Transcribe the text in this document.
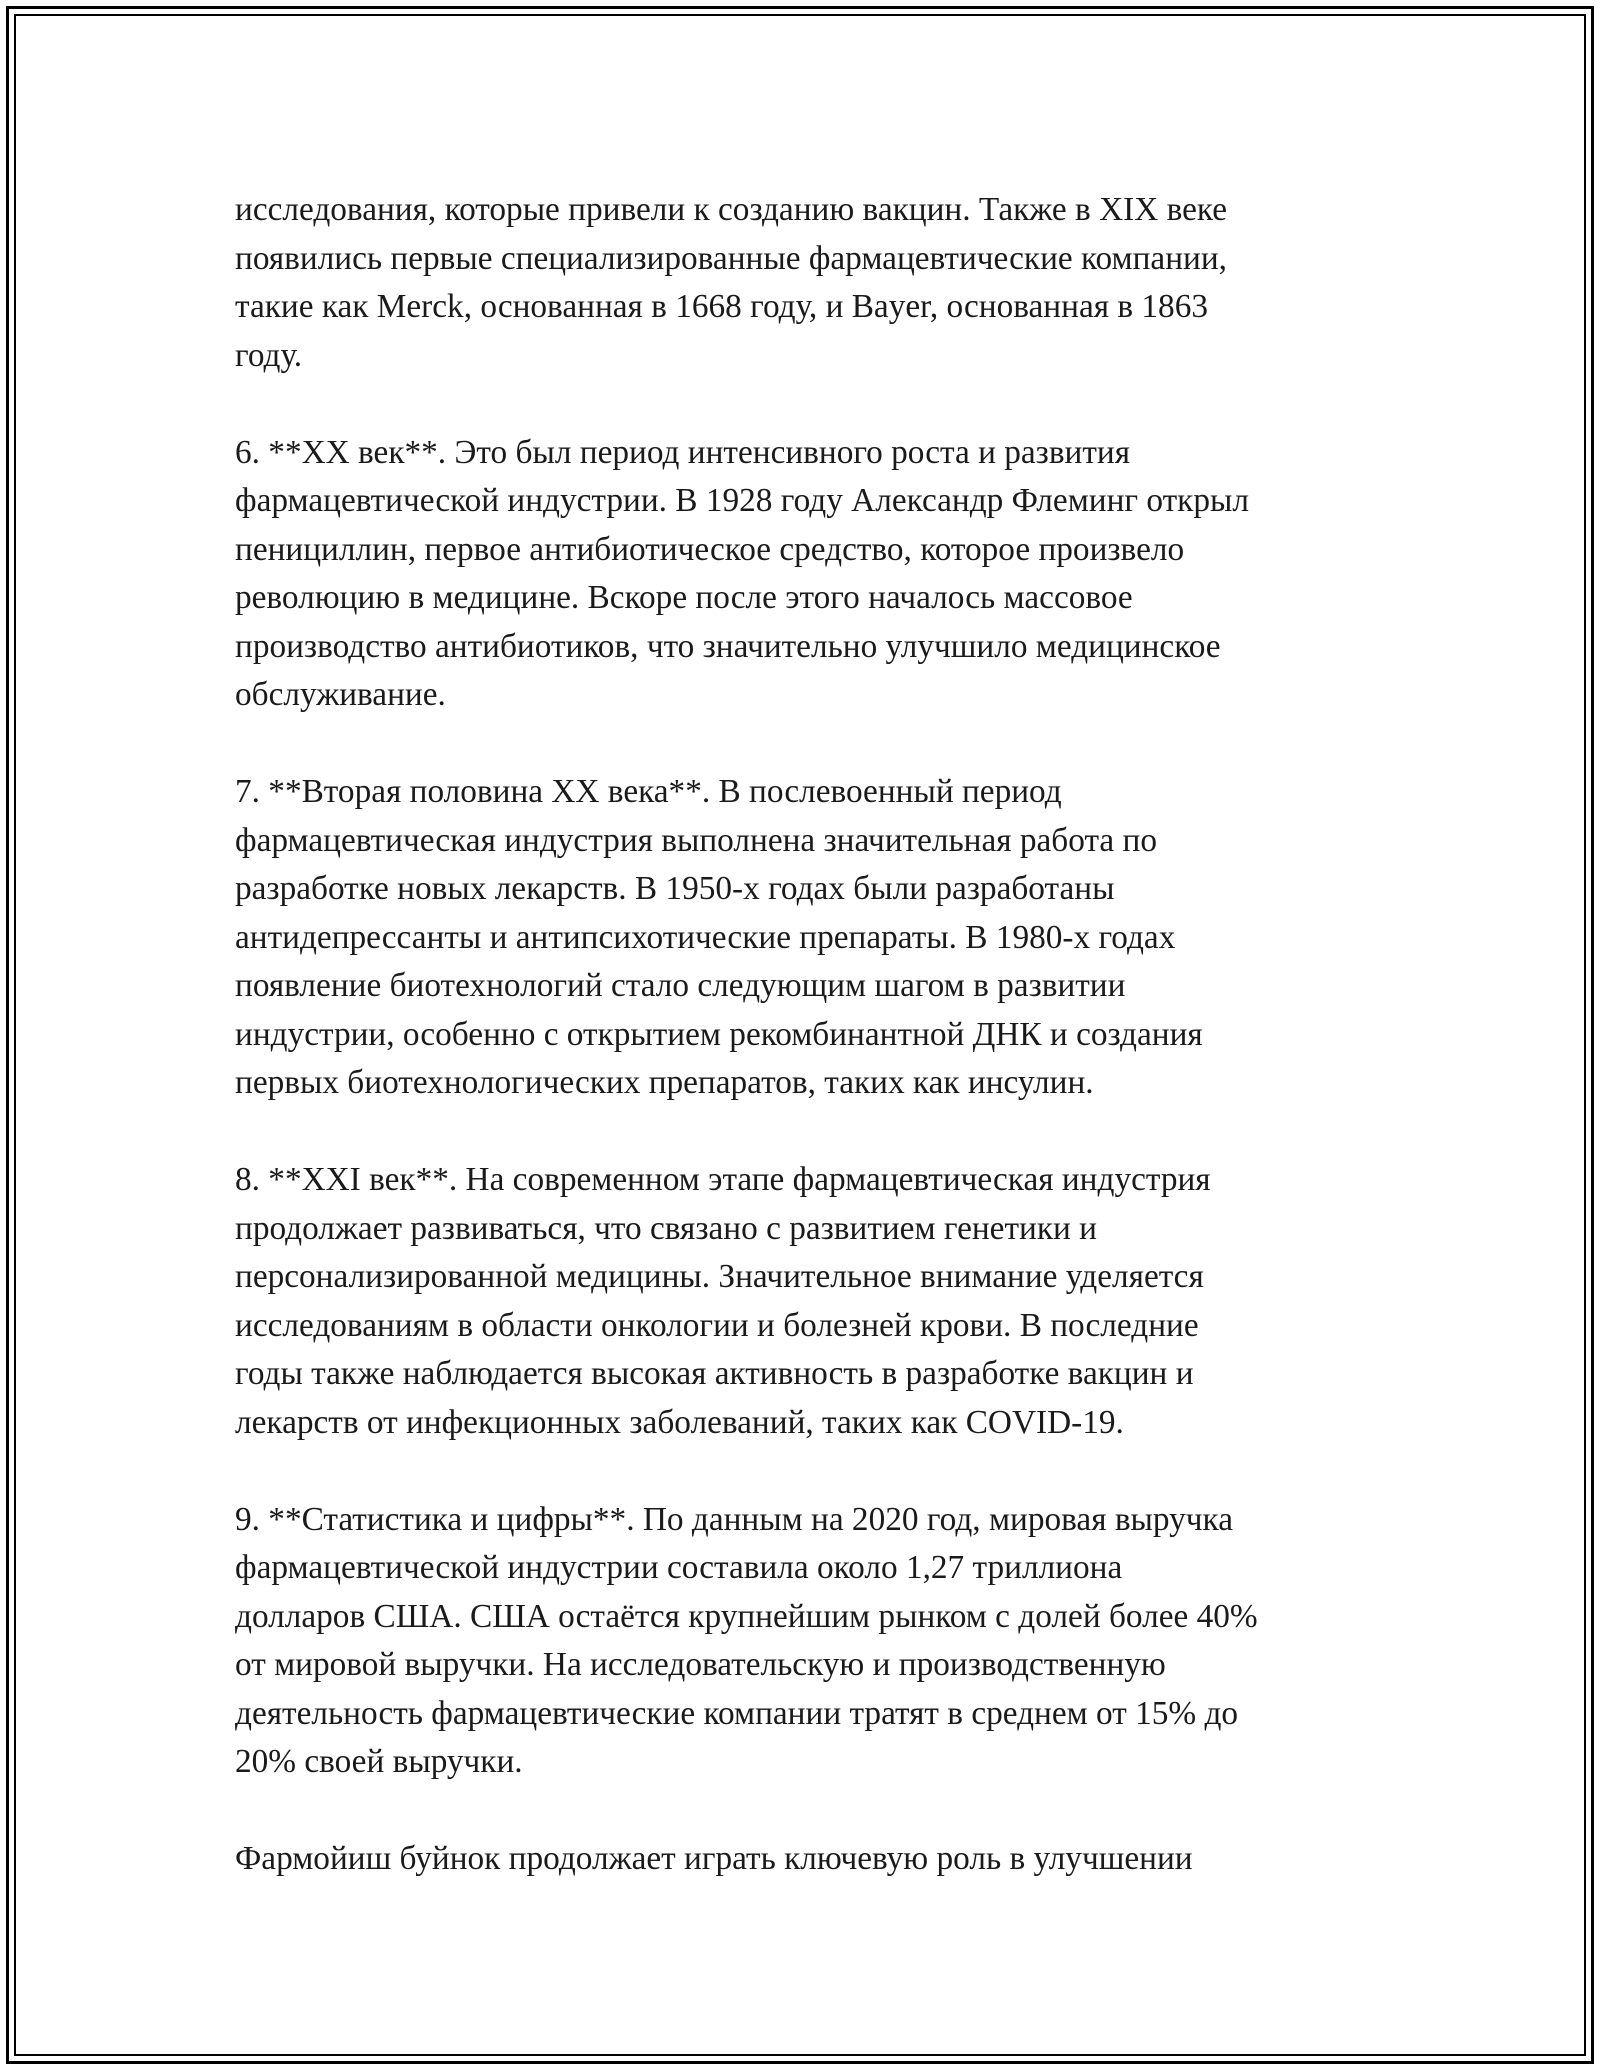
исследования, которые привели к созданию вакцин. Также в XIX веке
появились первые специализированные фармацевтические компании,
такие как Merck, основанная в 1668 году, и Bayer, основанная в 1863
году.
6. **XX век**. Это был период интенсивного роста и развития
фармацевтической индустрии. В 1928 году Александр Флеминг открыл
пенициллин, первое антибиотическое средство, которое произвело
революцию в медицине. Вскоре после этого началось массовое
производство антибиотиков, что значительно улучшило медицинское
обслуживание.
7. **Вторая половина XX века**. В послевоенный период
фармацевтическая индустрия выполнена значительная работа по
разработке новых лекарств. В 1950-х годах были разработаны
антидепрессанты и антипсихотические препараты. В 1980-х годах
появление биотехнологий стало следующим шагом в развитии
индустрии, особенно с открытием рекомбинантной ДНК и создания
первых биотехнологических препаратов, таких как инсулин.
8. **XXI век**. На современном этапе фармацевтическая индустрия
продолжает развиваться, что связано с развитием генетики и
персонализированной медицины. Значительное внимание уделяется
исследованиям в области онкологии и болезней крови. В последние
годы также наблюдается высокая активность в разработке вакцин и
лекарств от инфекционных заболеваний, таких как COVID-19.
9. **Статистика и цифры**. По данным на 2020 год, мировая выручка
фармацевтической индустрии составила около 1,27 триллиона
долларов США. США остаётся крупнейшим рынком с долей более 40%
от мировой выручки. На исследовательскую и производственную
деятельность фармацевтические компании тратят в среднем от 15% до
20% своей выручки.
Фармойиш буйнок продолжает играть ключевую роль в улучшении
